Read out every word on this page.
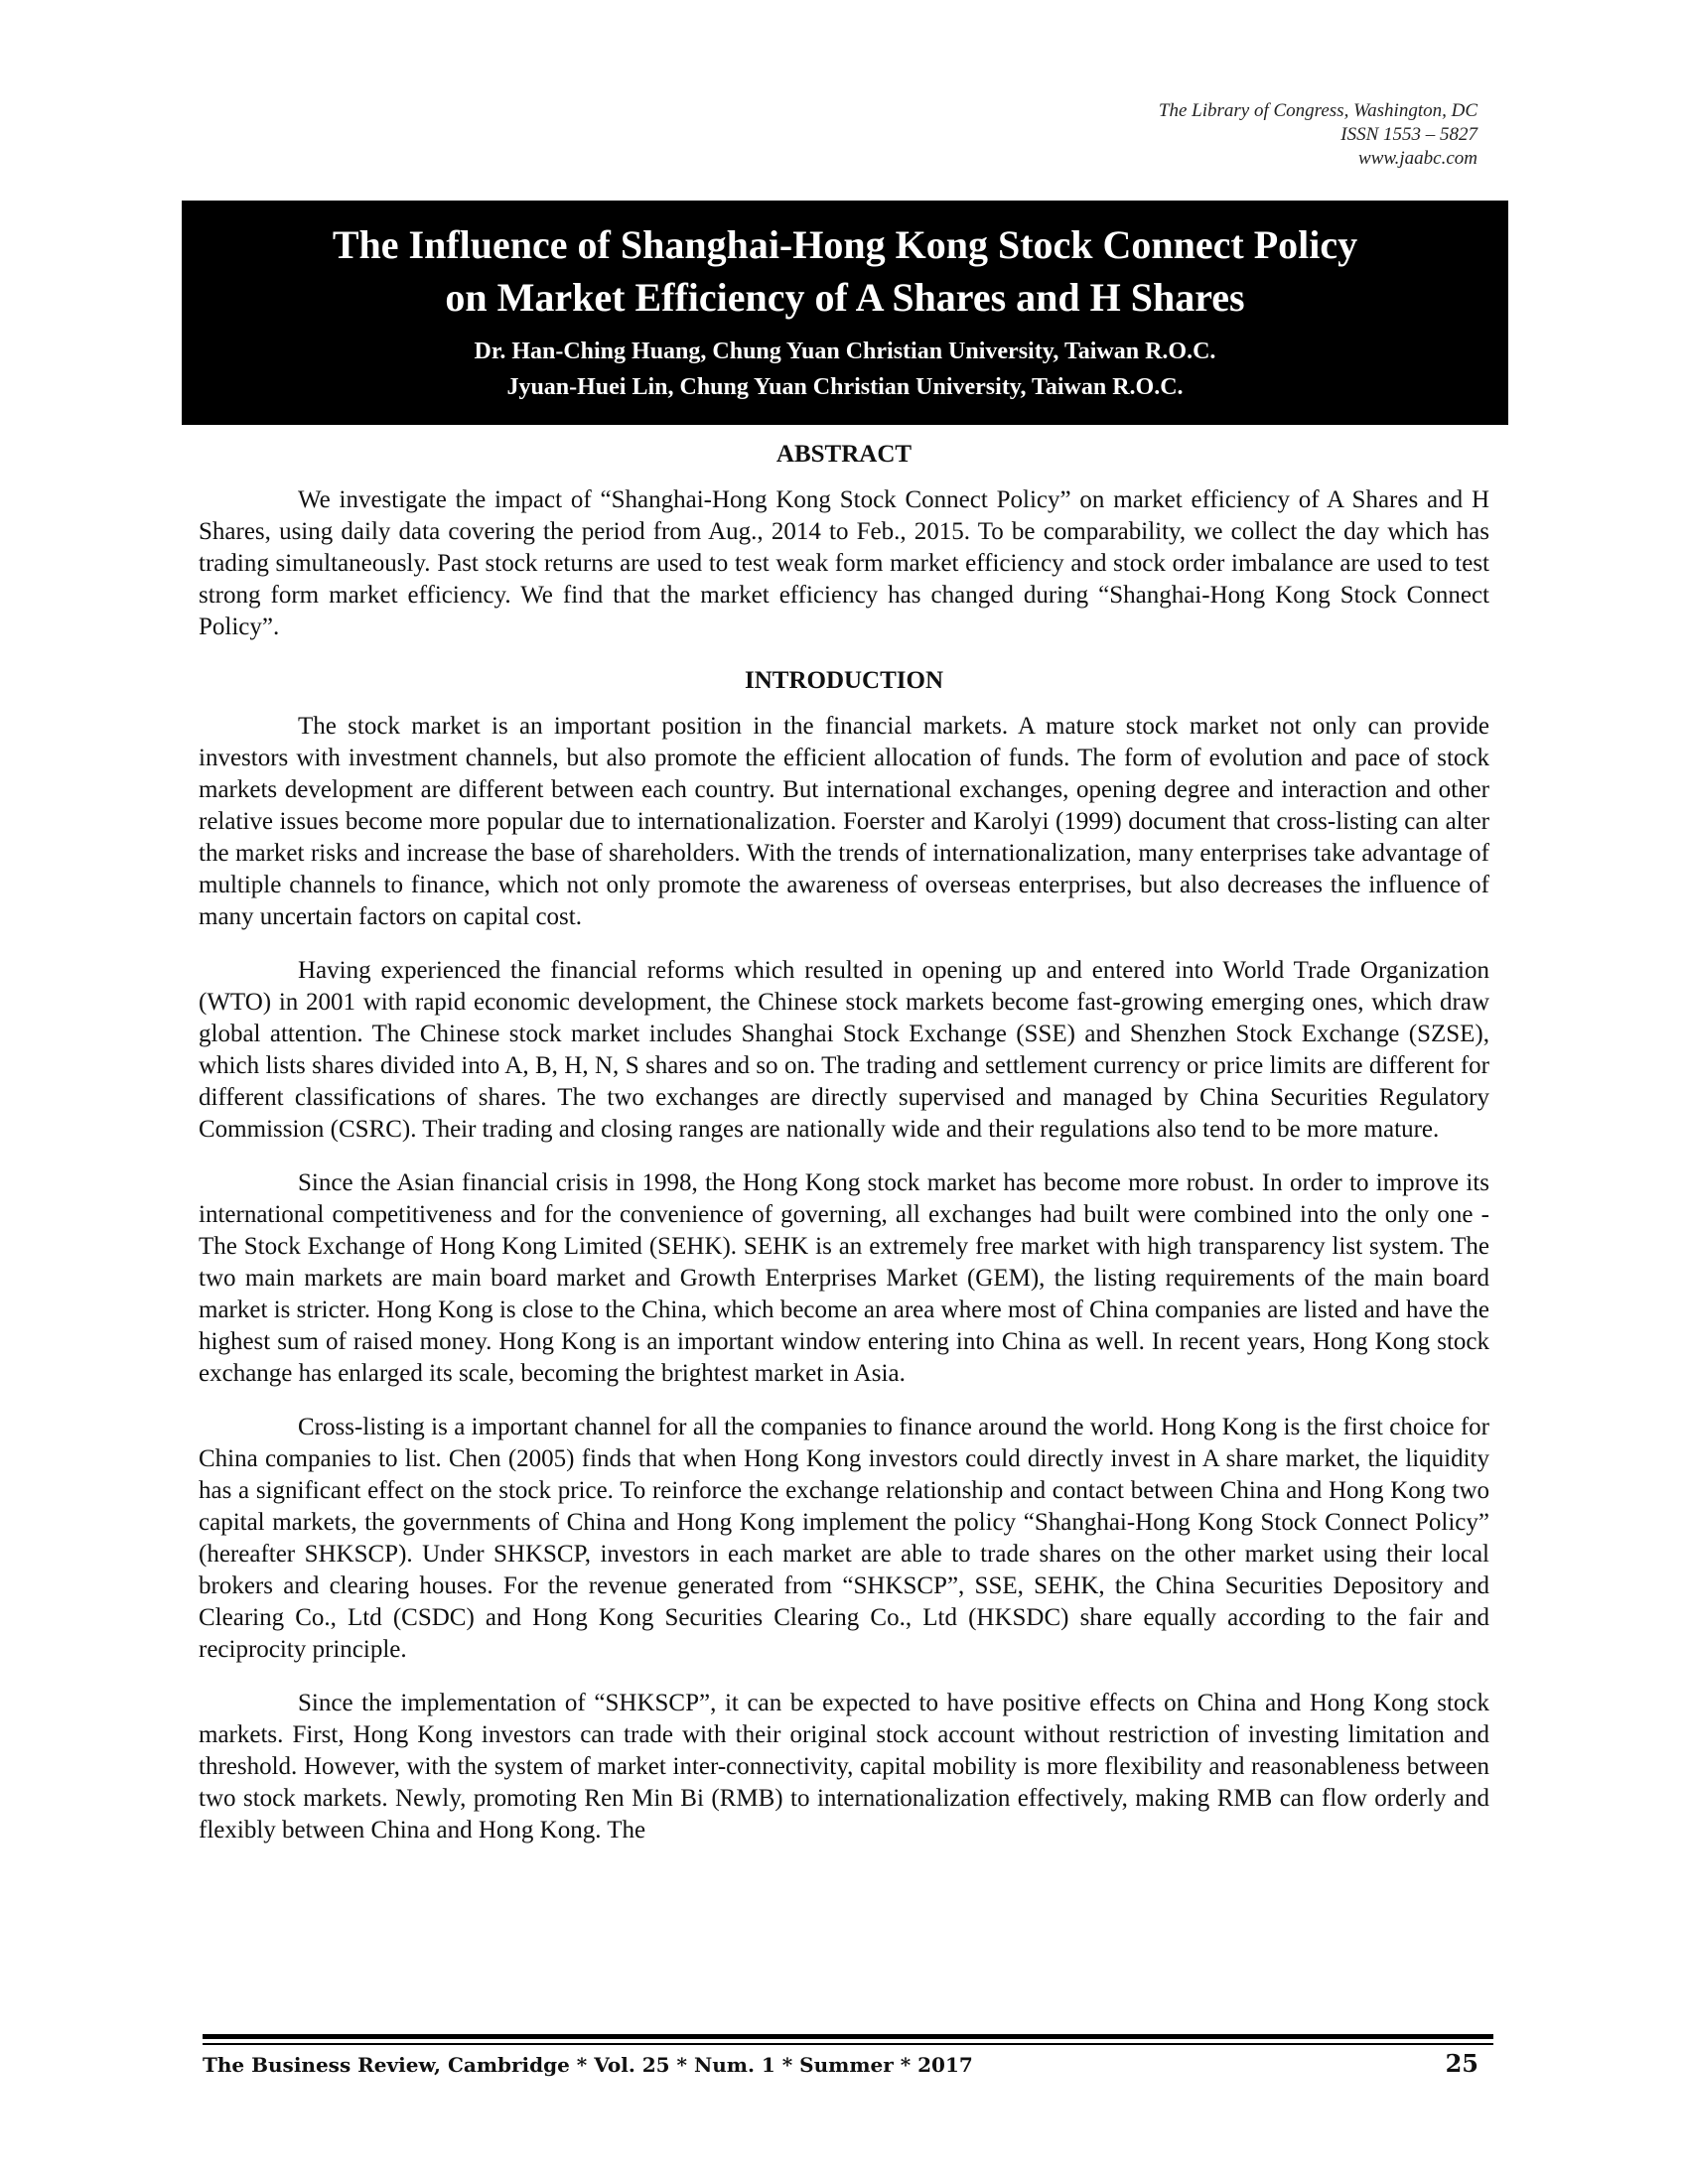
The Library of Congress, Washington, DC
ISSN 1553 – 5827
www.jaabc.com
The Influence of Shanghai-Hong Kong Stock Connect Policy
on Market Efficiency of A Shares and H Shares
Dr. Han-Ching Huang, Chung Yuan Christian University, Taiwan R.O.C.
Jyuan-Huei Lin, Chung Yuan Christian University, Taiwan R.O.C.
ABSTRACT

We investigate the impact of “Shanghai-Hong Kong Stock Connect Policy” on market efficiency of A Shares and H Shares, using daily data covering the period from Aug., 2014 to Feb., 2015. To be comparability, we collect the day which has trading simultaneously. Past stock returns are used to test weak form market efficiency and stock order imbalance are used to test strong form market efficiency. We find that the market efficiency has changed during “Shanghai-Hong Kong Stock Connect Policy”.

INTRODUCTION

The stock market is an important position in the financial markets. A mature stock market not only can provide investors with investment channels, but also promote the efficient allocation of funds. The form of evolution and pace of stock markets development are different between each country. But international exchanges, opening degree and interaction and other relative issues become more popular due to internationalization. Foerster and Karolyi (1999) document that cross-listing can alter the market risks and increase the base of shareholders. With the trends of internationalization, many enterprises take advantage of multiple channels to finance, which not only promote the awareness of overseas enterprises, but also decreases the influence of many uncertain factors on capital cost.

Having experienced the financial reforms which resulted in opening up and entered into World Trade Organization (WTO) in 2001 with rapid economic development, the Chinese stock markets become fast-growing emerging ones, which draw global attention. The Chinese stock market includes Shanghai Stock Exchange (SSE) and Shenzhen Stock Exchange (SZSE), which lists shares divided into A, B, H, N, S shares and so on. The trading and settlement currency or price limits are different for different classifications of shares. The two exchanges are directly supervised and managed by China Securities Regulatory Commission (CSRC). Their trading and closing ranges are nationally wide and their regulations also tend to be more mature.

Since the Asian financial crisis in 1998, the Hong Kong stock market has become more robust. In order to improve its international competitiveness and for the convenience of governing, all exchanges had built were combined into the only one - The Stock Exchange of Hong Kong Limited (SEHK). SEHK is an extremely free market with high transparency list system. The two main markets are main board market and Growth Enterprises Market (GEM), the listing requirements of the main board market is stricter. Hong Kong is close to the China, which become an area where most of China companies are listed and have the highest sum of raised money. Hong Kong is an important window entering into China as well. In recent years, Hong Kong stock exchange has enlarged its scale, becoming the brightest market in Asia.

Cross-listing is a important channel for all the companies to finance around the world. Hong Kong is the first choice for China companies to list. Chen (2005) finds that when Hong Kong investors could directly invest in A share market, the liquidity has a significant effect on the stock price. To reinforce the exchange relationship and contact between China and Hong Kong two capital markets, the governments of China and Hong Kong implement the policy “Shanghai-Hong Kong Stock Connect Policy” (hereafter SHKSCP). Under SHKSCP, investors in each market are able to trade shares on the other market using their local brokers and clearing houses. For the revenue generated from “SHKSCP”, SSE, SEHK, the China Securities Depository and Clearing Co., Ltd (CSDC) and Hong Kong Securities Clearing Co., Ltd (HKSDC) share equally according to the fair and reciprocity principle.

Since the implementation of “SHKSCP”, it can be expected to have positive effects on China and Hong Kong stock markets. First, Hong Kong investors can trade with their original stock account without restriction of investing limitation and threshold. However, with the system of market inter-connectivity, capital mobility is more flexibility and reasonableness between two stock markets. Newly, promoting Ren Min Bi (RMB) to internationalization effectively, making RMB can flow orderly and flexibly between China and Hong Kong. The

The Business Review, Cambridge * Vol. 25 * Num. 1 * Summer * 2017	25
